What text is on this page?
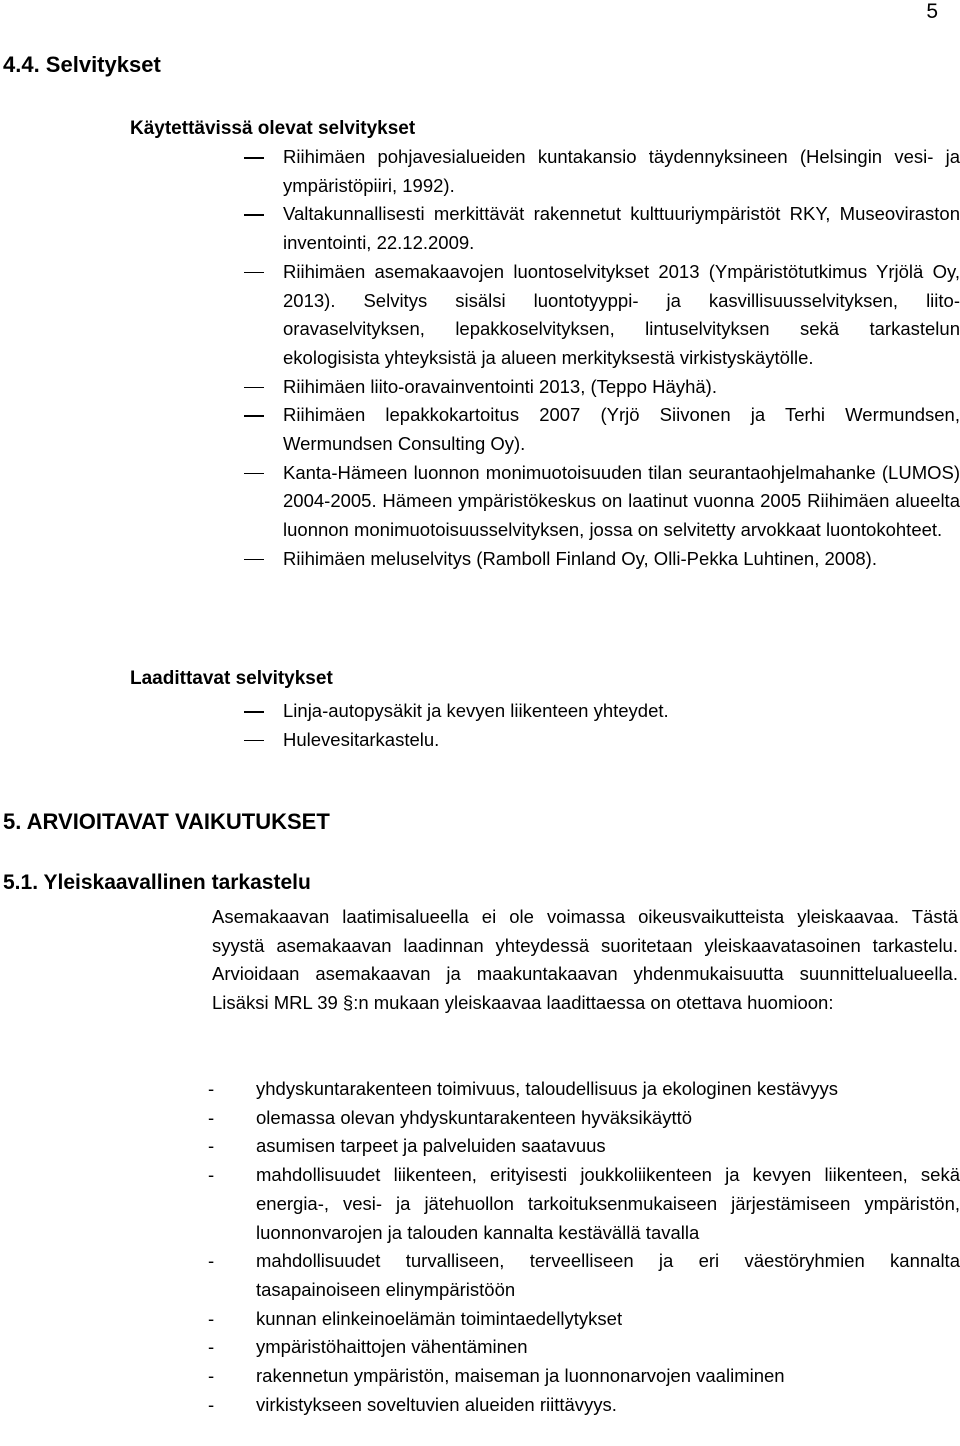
5
4.4. Selvitykset
Käytettävissä olevat selvitykset
Riihimäen pohjavesialueiden kuntakansio täydennyksineen (Helsingin vesi- ja ympäristöpiiri, 1992).
Valtakunnallisesti merkittävät rakennetut kulttuuriympäristöt RKY, Museoviraston inventointi, 22.12.2009.
Riihimäen asemakaavojen luontoselvitykset 2013 (Ympäristötutkimus Yrjölä Oy, 2013). Selvitys sisälsi luontotyyppi- ja kasvillisuusselvityksen, liito-oravaselvityksen, lepakkoselvityksen, lintuselvityksen sekä tarkastelun ekologisista yhteyksistä ja alueen merkityksestä virkistyskäytölle.
Riihimäen liito-oravainventointi 2013, (Teppo Häyhä).
Riihimäen lepakkokartoitus 2007 (Yrjö Siivonen ja Terhi Wermundsen, Wermundsen Consulting Oy).
Kanta-Hämeen luonnon monimuotoisuuden tilan seurantaohjelmahanke (LUMOS) 2004-2005. Hämeen ympäristökeskus on laatinut vuonna 2005 Riihimäen alueelta luonnon monimuotoisuusselvityksen, jossa on selvitetty arvokkaat luontokohteet.
Riihimäen meluselvitys (Ramboll Finland Oy, Olli-Pekka Luhtinen, 2008).
Laadittavat selvitykset
Linja-autopysäkit ja kevyen liikenteen yhteydet.
Hulevesitarkastelu.
5. ARVIOITAVAT VAIKUTUKSET
5.1. Yleiskaavallinen tarkastelu

Asemakaavan laatimisalueella ei ole voimassa oikeusvaikutteista yleiskaavaa. Tästä syystä asemakaavan laadinnan yhteydessä suoritetaan yleiskaavatasoinen tarkastelu. Arvioidaan asemakaavan ja maakuntakaavan yhdenmukaisuutta suunnittelualueella. Lisäksi MRL 39 §:n mukaan yleiskaavaa laadittaessa on otettava huomioon:

- yhdyskuntarakenteen toimivuus, taloudellisuus ja ekologinen kestävyys
- olemassa olevan yhdyskuntarakenteen hyväksikäyttö
- asumisen tarpeet ja palveluiden saatavuus
- mahdollisuudet liikenteen, erityisesti joukkoliikenteen ja kevyen liikenteen, sekä energia-, vesi- ja jätehuollon tarkoituksenmukaiseen järjestämiseen ympäristön, luonnonvarojen ja talouden kannalta kestävällä tavalla
- mahdollisuudet turvalliseen, terveelliseen ja eri väestöryhmien kannalta tasapainoiseen elinympäristöön
- kunnan elinkeinoelämän toimintaedellytykset
- ympäristöhaittojen vähentäminen
- rakennetun ympäristön, maiseman ja luonnonarvojen vaaliminen
- virkistykseen soveltuvien alueiden riittävyys.
